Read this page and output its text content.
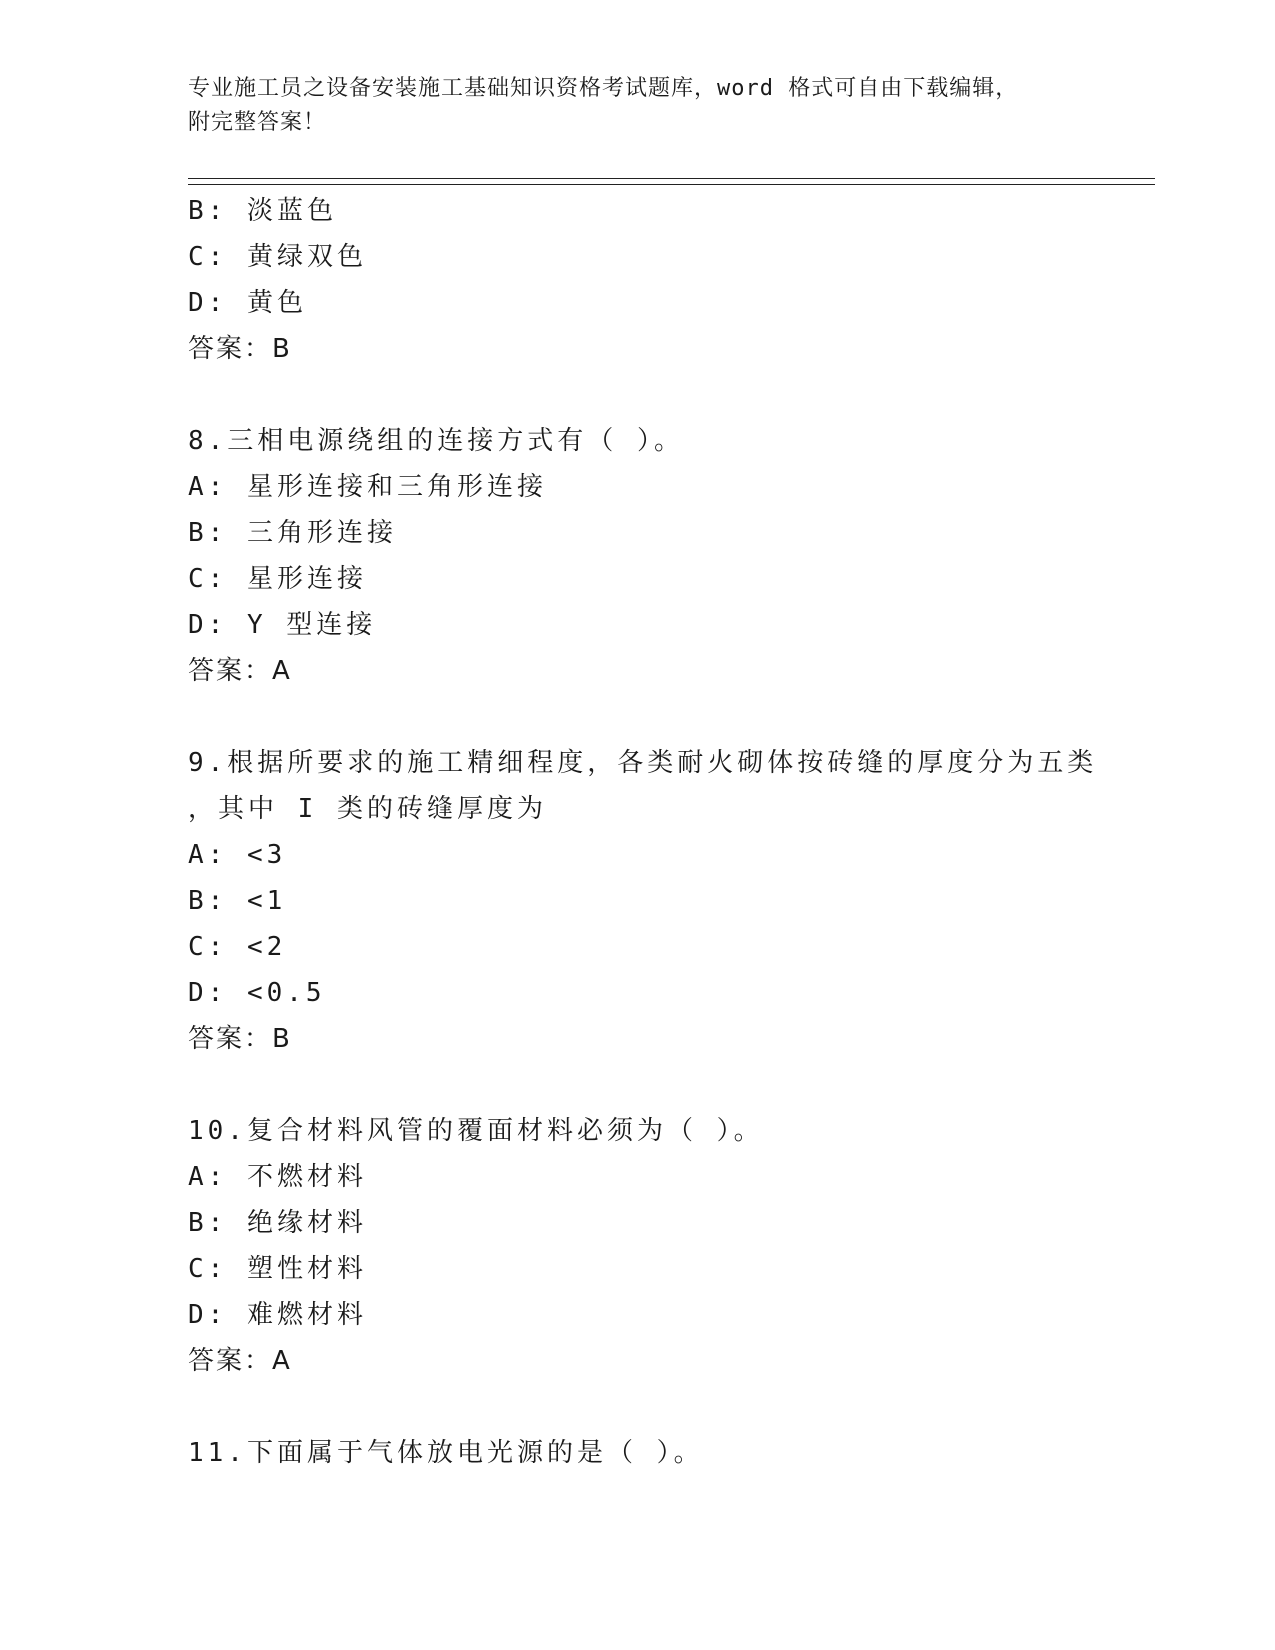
专业施工员之设备安装施工基础知识资格考试题库，word 格式可自由下载编辑，
附完整答案！
B: 淡蓝色
C: 黄绿双色
D: 黄色
答案：B
8.三相电源绕组的连接方式有（ ）。
A: 星形连接和三角形连接
B: 三角形连接
C: 星形连接
D: Y 型连接
答案：A
9.根据所要求的施工精细程度，各类耐火砌体按砖缝的厚度分为五类
，其中 I 类的砖缝厚度为
A: <3
B: <1
C: <2
D: <0.5
答案：B
10.复合材料风管的覆面材料必须为（ ）。
A: 不燃材料
B: 绝缘材料
C: 塑性材料
D: 难燃材料
答案：A
11.下面属于气体放电光源的是（ ）。
